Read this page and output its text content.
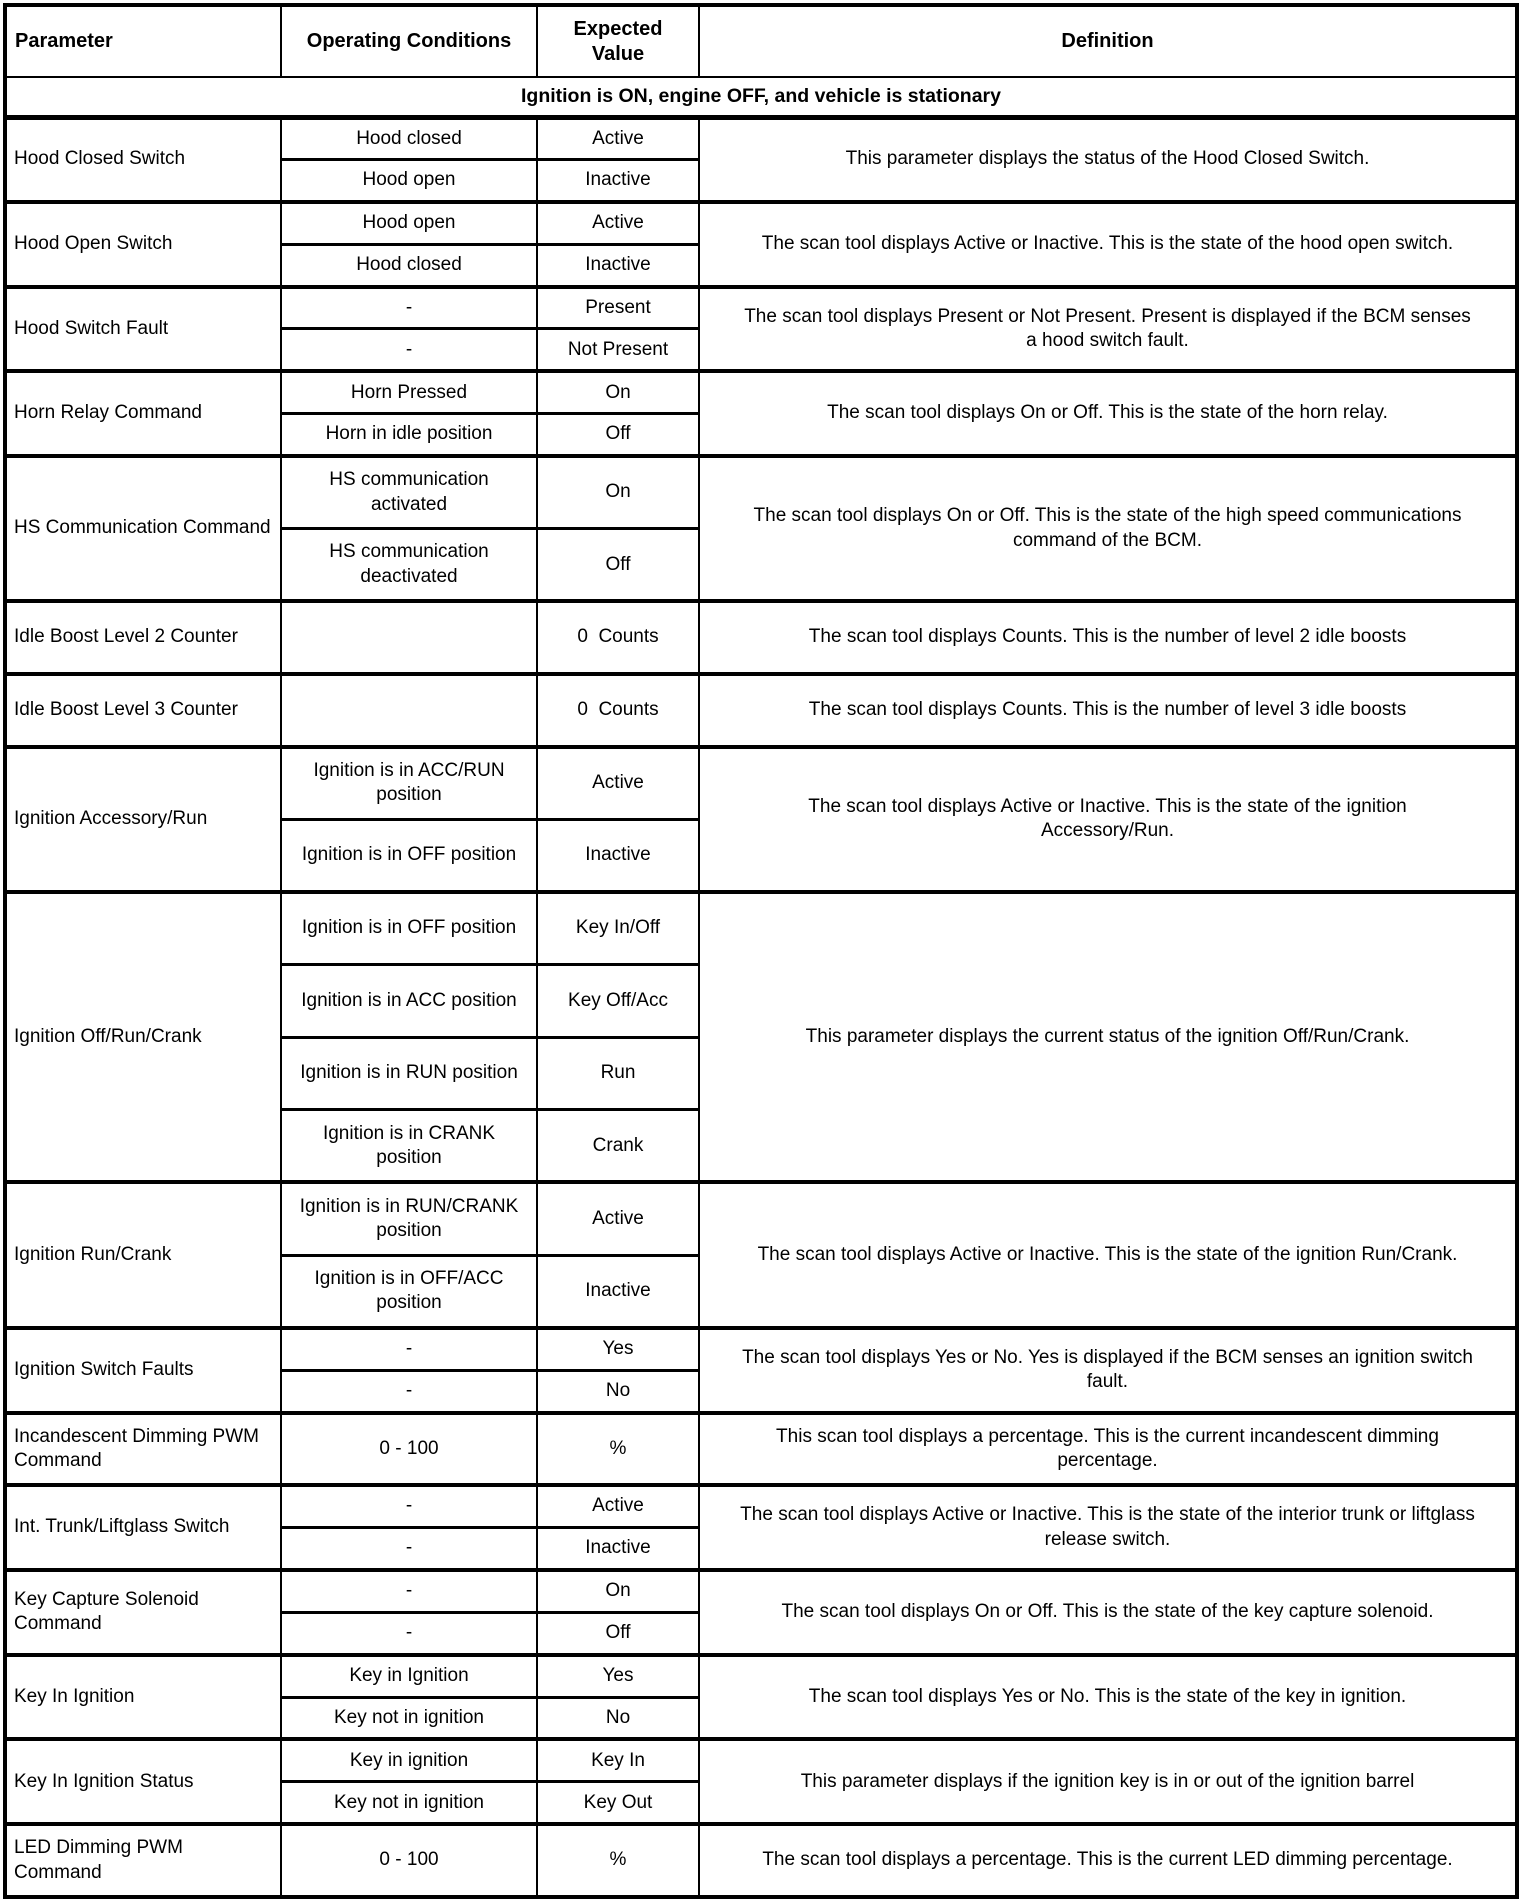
Parameter	Operating Conditions	Expected Value	Definition
Ignition is ON, engine OFF, and vehicle is stationary			
Hood Closed Switch	Hood closed	Active	This parameter displays the status of the Hood Closed Switch.
	Hood open	Inactive	
Hood Open Switch	Hood open	Active	The scan tool displays Active or Inactive. This is the state of the hood open switch.
	Hood closed	Inactive	
Hood Switch Fault	-	Present	The scan tool displays Present or Not Present. Present is displayed if the BCM senses a hood switch fault.
	-	Not Present	
Horn Relay Command	Horn Pressed	On	The scan tool displays On or Off. This is the state of the horn relay.
	Horn in idle position	Off	
HS Communication Command	HS communication activated	On	The scan tool displays On or Off. This is the state of the high speed communications command of the BCM.
	HS communication deactivated	Off	
Idle Boost Level 2 Counter		0  Counts	The scan tool displays Counts. This is the number of level 2 idle boosts
Idle Boost Level 3 Counter		0  Counts	The scan tool displays Counts. This is the number of level 3 idle boosts
Ignition Accessory/Run	Ignition is in ACC/RUN position	Active	The scan tool displays Active or Inactive. This is the state of the ignition Accessory/Run.
	Ignition is in OFF position	Inactive	
Ignition Off/Run/Crank	Ignition is in OFF position	Key In/Off	This parameter displays the current status of the ignition Off/Run/Crank.
	Ignition is in ACC position	Key Off/Acc	
	Ignition is in RUN position	Run	
	Ignition is in CRANK position	Crank	
Ignition Run/Crank	Ignition is in RUN/CRANK position	Active	The scan tool displays Active or Inactive. This is the state of the ignition Run/Crank.
	Ignition is in OFF/ACC position	Inactive	
Ignition Switch Faults	-	Yes	The scan tool displays Yes or No. Yes is displayed if the BCM senses an ignition switch fault.
	-	No	
Incandescent Dimming PWM Command	0 - 100	%	This scan tool displays a percentage. This is the current incandescent dimming percentage.
Int. Trunk/Liftglass Switch	-	Active	The scan tool displays Active or Inactive. This is the state of the interior trunk or liftglass release switch.
	-	Inactive	
Key Capture Solenoid Command	-	On	The scan tool displays On or Off. This is the state of the key capture solenoid.
	-	Off	
Key In Ignition	Key in Ignition	Yes	The scan tool displays Yes or No. This is the state of the key in ignition.
	Key not in ignition	No	
Key In Ignition Status	Key in ignition	Key In	This parameter displays if the ignition key is in or out of the ignition barrel
	Key not in ignition	Key Out	
LED Dimming PWM Command	0 - 100	%	The scan tool displays a percentage. This is the current LED dimming percentage.
